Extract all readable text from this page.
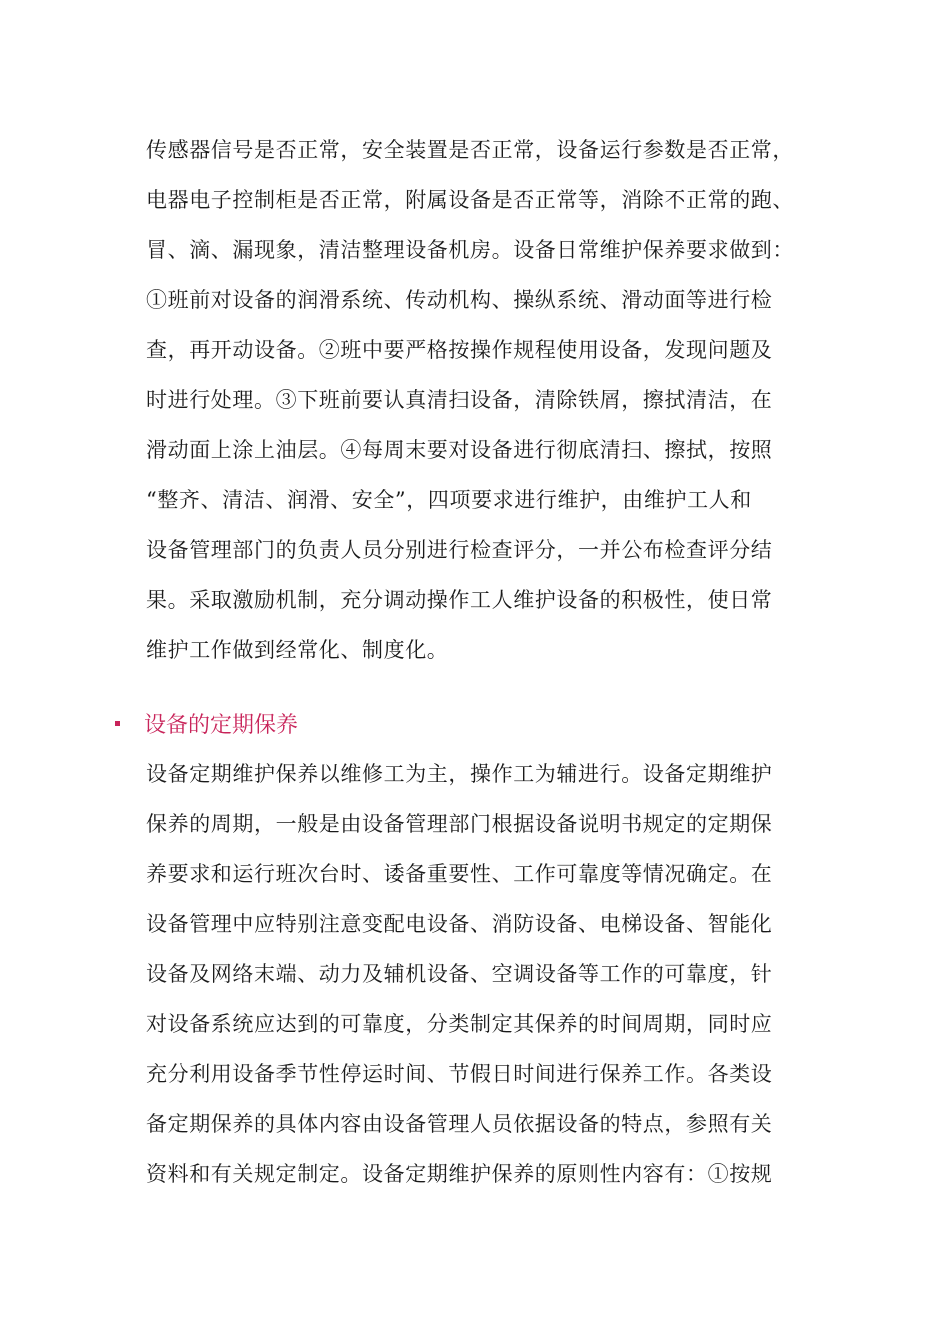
传感器信号是否正常，安全装置是否正常，设备运行参数是否正常，
电器电子控制柜是否正常，附属设备是否正常等，消除不正常的跑、
冒、滴、漏现象，清洁整理设备机房。设备日常维护保养要求做到：
①班前对设备的润滑系统、传动机构、操纵系统、滑动面等进行检
查，再开动设备。②班中要严格按操作规程使用设备，发现问题及
时进行处理。③下班前要认真清扫设备，清除铁屑，擦拭清洁，在
滑动面上涂上油层。④每周末要对设备进行彻底清扫、擦拭，按照
“整齐、清洁、润滑、安全”，四项要求进行维护，由维护工人和
设备管理部门的负责人员分别进行检查评分，一并公布检查评分结
果。采取激励机制，充分调动操作工人维护设备的积极性，使日常
维护工作做到经常化、制度化。
设备的定期保养
设备定期维护保养以维修工为主，操作工为辅进行。设备定期维护
保养的周期，一般是由设备管理部门根据设备说明书规定的定期保
养要求和运行班次台时、诿备重要性、工作可靠度等情况确定。在
设备管理中应特别注意变配电设备、消防设备、电梯设备、智能化
设备及网络末端、动力及辅机设备、空调设备等工作的可靠度，针
对设备系统应达到的可靠度，分类制定其保养的时间周期，同时应
充分利用设备季节性停运时间、节假日时间进行保养工作。各类设
备定期保养的具体内容由设备管理人员依据设备的特点，参照有关
资料和有关规定制定。设备定期维护保养的原则性内容有：①按规
